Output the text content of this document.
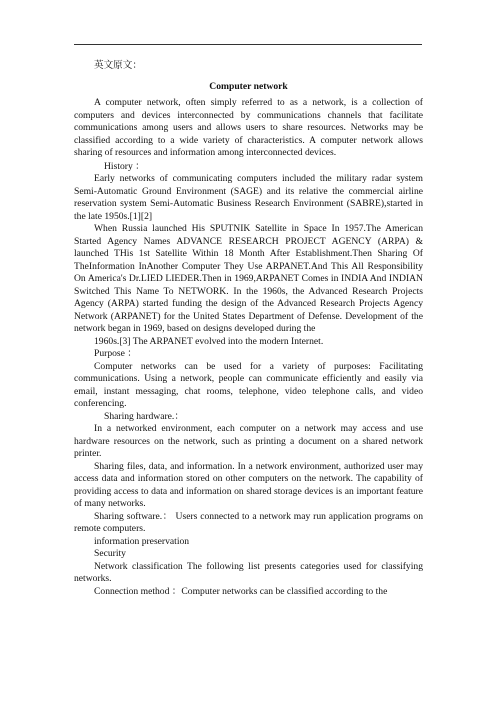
英文原文：

Computer network

A computer network, often simply referred to as a network, is a collection of computers and devices interconnected by communications channels that facilitate communications among users and allows users to share resources. Networks may be classified according to a wide variety of characteristics. A computer network allows sharing of resources and information among interconnected devices.

History ：

Early networks of communicating computers included the military radar system Semi-Automatic Ground Environment (SAGE) and its relative the commercial airline reservation system Semi-Automatic Business Research Environment (SABRE),started in the late 1950s.[1][2]

When Russia launched His SPUTNIK Satellite in Space In 1957.The American Started Agency Names ADVANCE RESEARCH PROJECT AGENCY (ARPA) & launched THis 1st Satellite Within 18 Month After Establishment.Then Sharing Of TheInformation InAnother Computer They Use ARPANET.And This All Responsibility On America's Dr.LIED LIEDER.Then in 1969,ARPANET Comes in INDIA And INDIAN Switched This Name To NETWORK. In the 1960s, the Advanced Research Projects Agency (ARPA) started funding the design of the Advanced Research Projects Agency Network (ARPANET) for the United States Department of Defense. Development of the network began in 1969, based on designs developed during the

1960s.[3] The ARPANET evolved into the modern Internet.

Purpose ：

Computer networks can be used for a variety of purposes: Facilitating communications. Using a network, people can communicate efficiently and easily via email, instant messaging, chat rooms, telephone, video telephone calls, and video conferencing.

Sharing hardware.：

In a networked environment, each computer on a network may access and use hardware resources on the network, such as printing a document on a shared network printer.

Sharing files, data, and information. In a network environment, authorized user may access data and information stored on other computers on the network. The capability of providing access to data and information on shared storage devices is an important feature of many networks.

Sharing software.： Users connected to a network may run application programs on remote computers.

information preservation

Security

Network classification The following list presents categories used for classifying networks.

Connection method ：Computer networks can be classified according to the
